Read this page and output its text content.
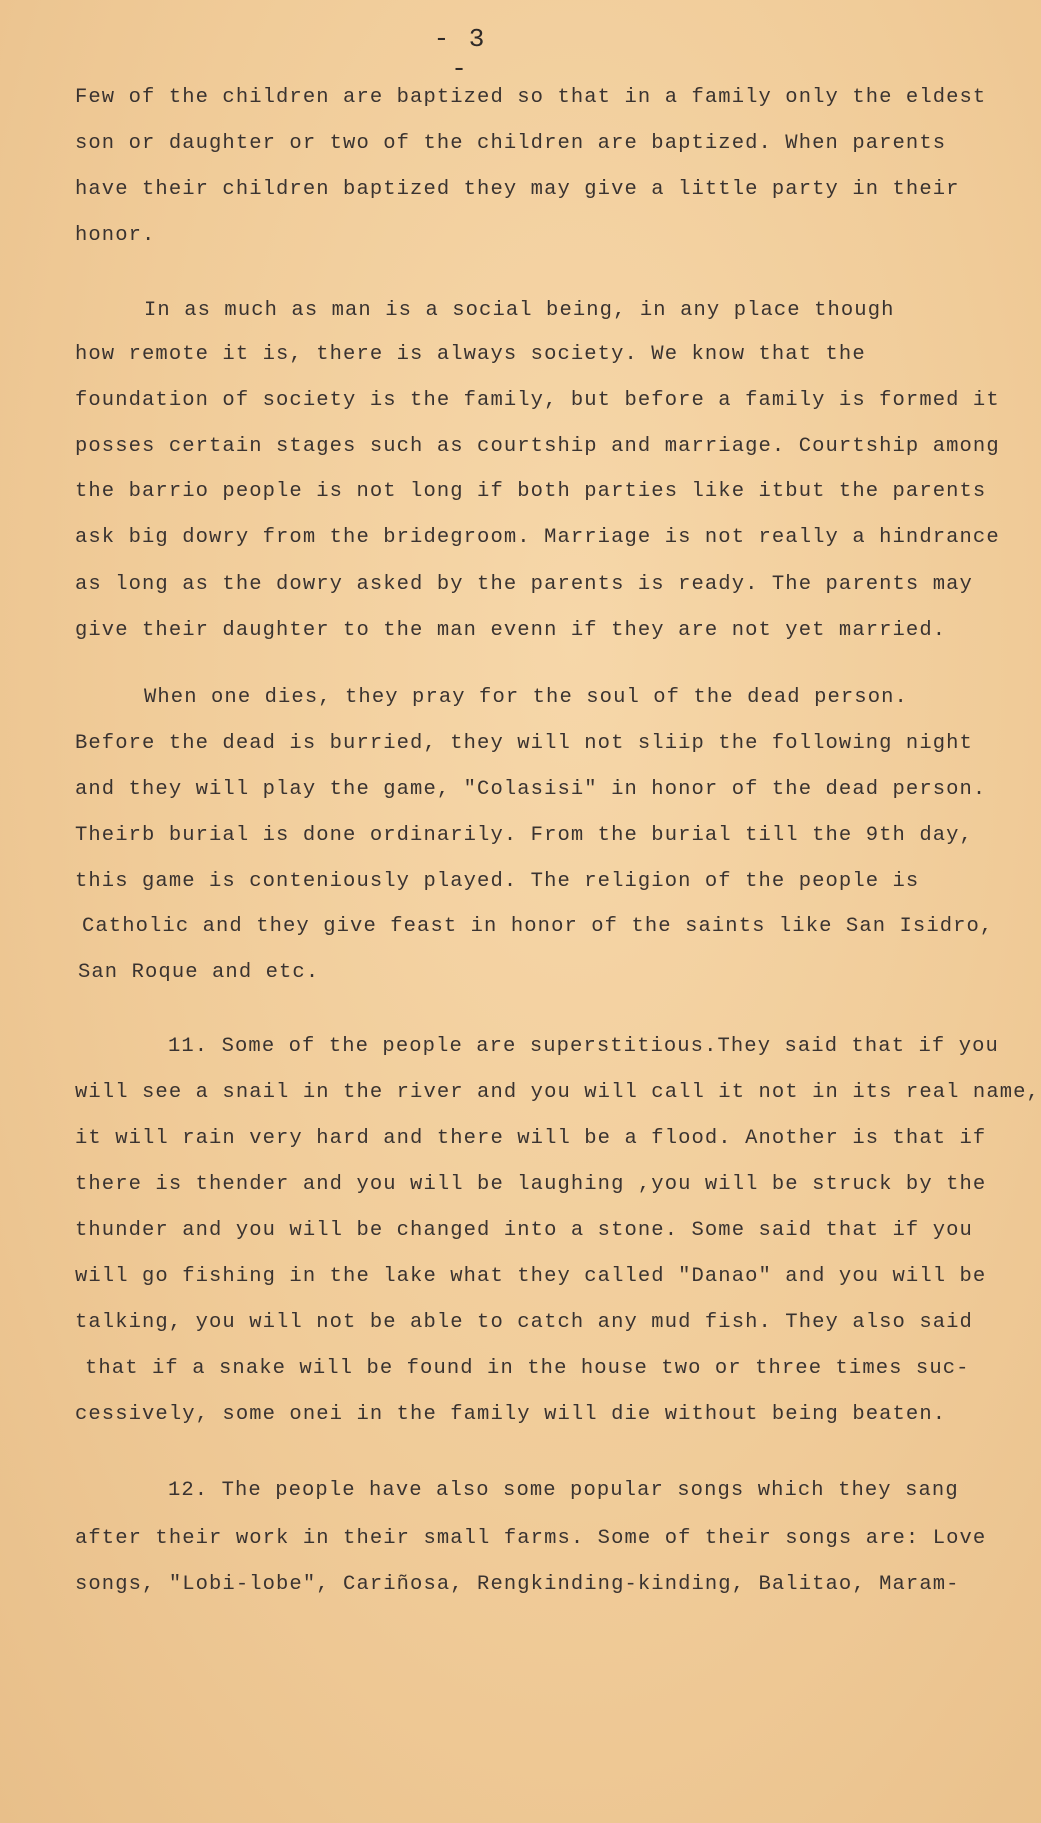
- 3 -
Few of the children are baptized so that in a family only the eldest
son or daughter or two of the children are baptized. When parents
have their children baptized they may give a little party in their
honor.
In as much as man is a social being, in any place though
how remote it is, there is always society. We know that the
foundation of society is the family, but before a family is formed it
posses certain stages such as courtship and marriage. Courtship among
the barrio people is not long if both parties like itbut the parents
ask big dowry from the bridegroom. Marriage is not really a hindrance
as long as the dowry asked by the parents is ready. The parents may
give their daughter to the man evenn if they are not yet married.
When one dies, they pray for the soul of the dead person.
Before the dead is burried, they will not sliip the following night
and they will play the game, "Colasisi" in honor of the dead person.
Theirb burial is done ordinarily. From the burial till the 9th day,
this game is conteniously played. The religion of the people is
Catholic and they give feast in honor of the saints like San Isidro,
San Roque and etc.
11. Some of the people are superstitious.They said that if you
will see a snail in the river and you will call it not in its real name,
it will rain very hard and there will be a flood. Another is that if
there is thender and you will be laughing ,you will be struck by the
thunder and you will be changed into a stone. Some said that if you
will go fishing in the lake what they called "Danao" and you will be
talking, you will not be able to catch any mud fish. They also said
that if a snake will be found in the house two or three times suc-
cessively, some onei in the family will die without being beaten.
12. The people have also some popular songs which they sang
after their work in their small farms. Some of their songs are: Love
songs, "Lobi-lobe", Cariñosa, Rengkinding-kinding, Balitao, Maram-
